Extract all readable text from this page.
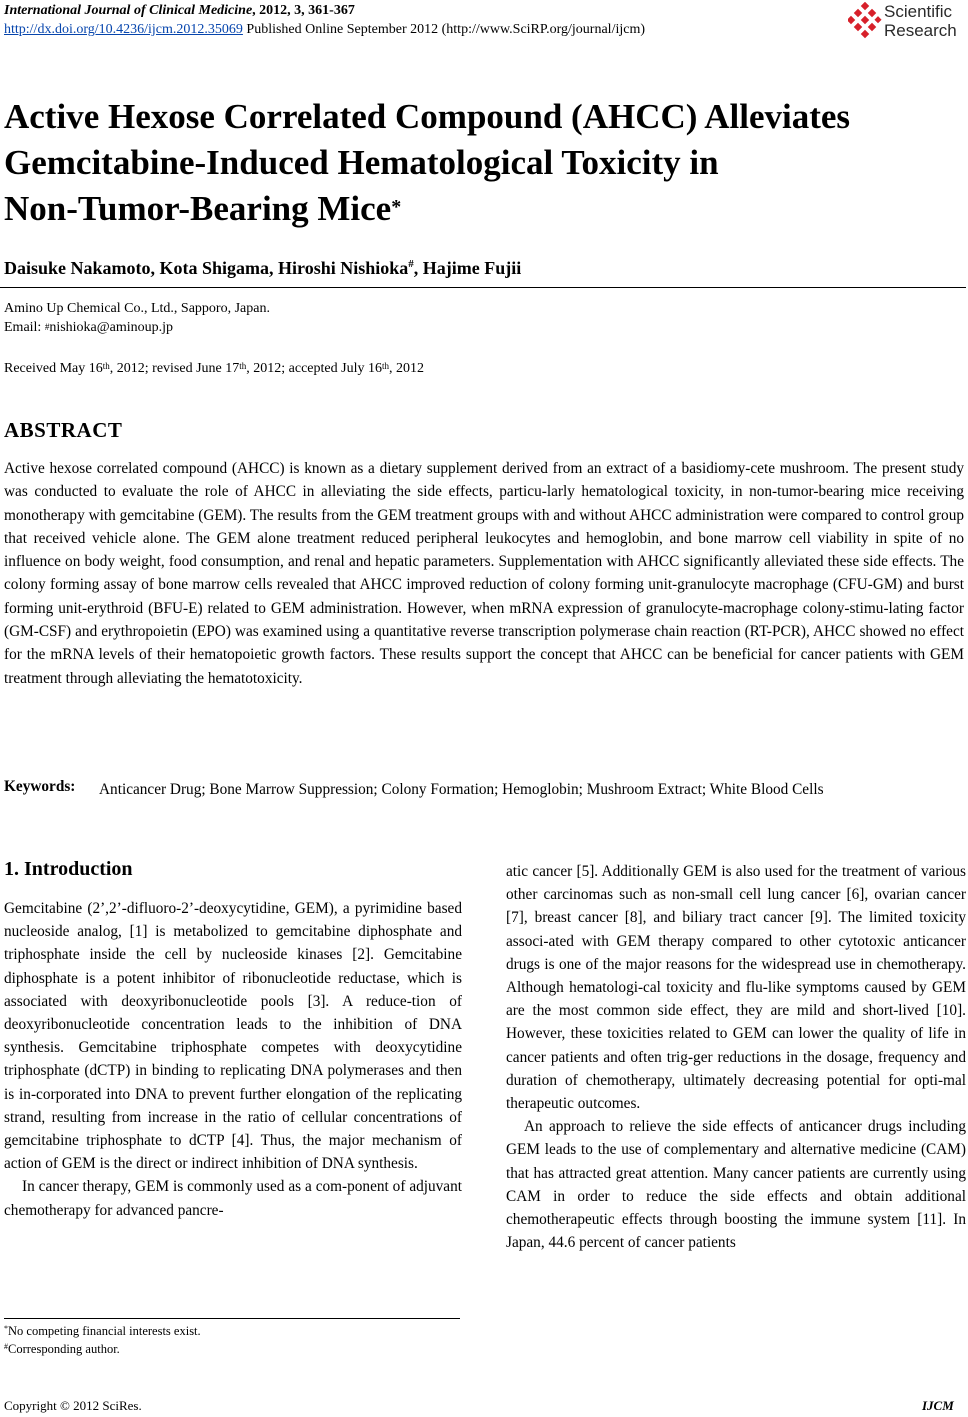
International Journal of Clinical Medicine, 2012, 3, 361-367
http://dx.doi.org/10.4236/ijcm.2012.35069 Published Online September 2012 (http://www.SciRP.org/journal/ijcm)
Scientific
Research
Active Hexose Correlated Compound (AHCC) Alleviates
Gemcitabine-Induced Hematological Toxicity in
Non-Tumor-Bearing Mice*
Daisuke Nakamoto, Kota Shigama, Hiroshi Nishioka#, Hajime Fujii
Amino Up Chemical Co., Ltd., Sapporo, Japan.
Email: #nishioka@aminoup.jp
Received May 16th, 2012; revised June 17th, 2012; accepted July 16th, 2012
ABSTRACT
Active hexose correlated compound (AHCC) is known as a dietary supplement derived from an extract of a basidiomy-cete mushroom. The present study was conducted to evaluate the role of AHCC in alleviating the side effects, particu-larly hematological toxicity, in non-tumor-bearing mice receiving monotherapy with gemcitabine (GEM). The results from the GEM treatment groups with and without AHCC administration were compared to control group that received vehicle alone. The GEM alone treatment reduced peripheral leukocytes and hemoglobin, and bone marrow cell viability in spite of no influence on body weight, food consumption, and renal and hepatic parameters. Supplementation with AHCC significantly alleviated these side effects. The colony forming assay of bone marrow cells revealed that AHCC improved reduction of colony forming unit-granulocyte macrophage (CFU-GM) and burst forming unit-erythroid (BFU-E) related to GEM administration. However, when mRNA expression of granulocyte-macrophage colony-stimu-lating factor (GM-CSF) and erythropoietin (EPO) was examined using a quantitative reverse transcription polymerase chain reaction (RT-PCR), AHCC showed no effect for the mRNA levels of their hematopoietic growth factors. These results support the concept that AHCC can be beneficial for cancer patients with GEM treatment through alleviating the hematotoxicity.
Keywords: Anticancer Drug; Bone Marrow Suppression; Colony Formation; Hemoglobin; Mushroom Extract; White Blood Cells
1. Introduction

Gemcitabine (2’,2’-difluoro-2’-deoxycytidine, GEM), a pyrimidine based nucleoside analog, [1] is metabolized to gemcitabine diphosphate and triphosphate inside the cell by nucleoside kinases [2]. Gemcitabine diphosphate is a potent inhibitor of ribonucleotide reductase, which is associated with deoxyribonucleotide pools [3]. A reduce-tion of deoxyribonucleotide concentration leads to the inhibition of DNA synthesis. Gemcitabine triphosphate competes with deoxycytidine triphosphate (dCTP) in binding to replicating DNA polymerases and then is in-corporated into DNA to prevent further elongation of the replicating strand, resulting from increase in the ratio of cellular concentrations of gemcitabine triphosphate to dCTP [4]. Thus, the major mechanism of action of GEM is the direct or indirect inhibition of DNA synthesis.

In cancer therapy, GEM is commonly used as a com-ponent of adjuvant chemotherapy for advanced pancre-

atic cancer [5]. Additionally GEM is also used for the treatment of various other carcinomas such as non-small cell lung cancer [6], ovarian cancer [7], breast cancer [8], and biliary tract cancer [9]. The limited toxicity associ-ated with GEM therapy compared to other cytotoxic anticancer drugs is one of the major reasons for the widespread use in chemotherapy. Although hematologi-cal toxicity and flu-like symptoms caused by GEM are the most common side effect, they are mild and short-lived [10]. However, these toxicities related to GEM can lower the quality of life in cancer patients and often trig-ger reductions in the dosage, frequency and duration of chemotherapy, ultimately decreasing potential for opti-mal therapeutic outcomes.

An approach to relieve the side effects of anticancer drugs including GEM leads to the use of complementary and alternative medicine (CAM) that has attracted great attention. Many cancer patients are currently using CAM in order to reduce the side effects and obtain additional chemotherapeutic effects through boosting the immune system [11]. In Japan, 44.6 percent of cancer patients

*No competing financial interests exist.
#Corresponding author.
Copyright © 2012 SciRes.	IJCM
